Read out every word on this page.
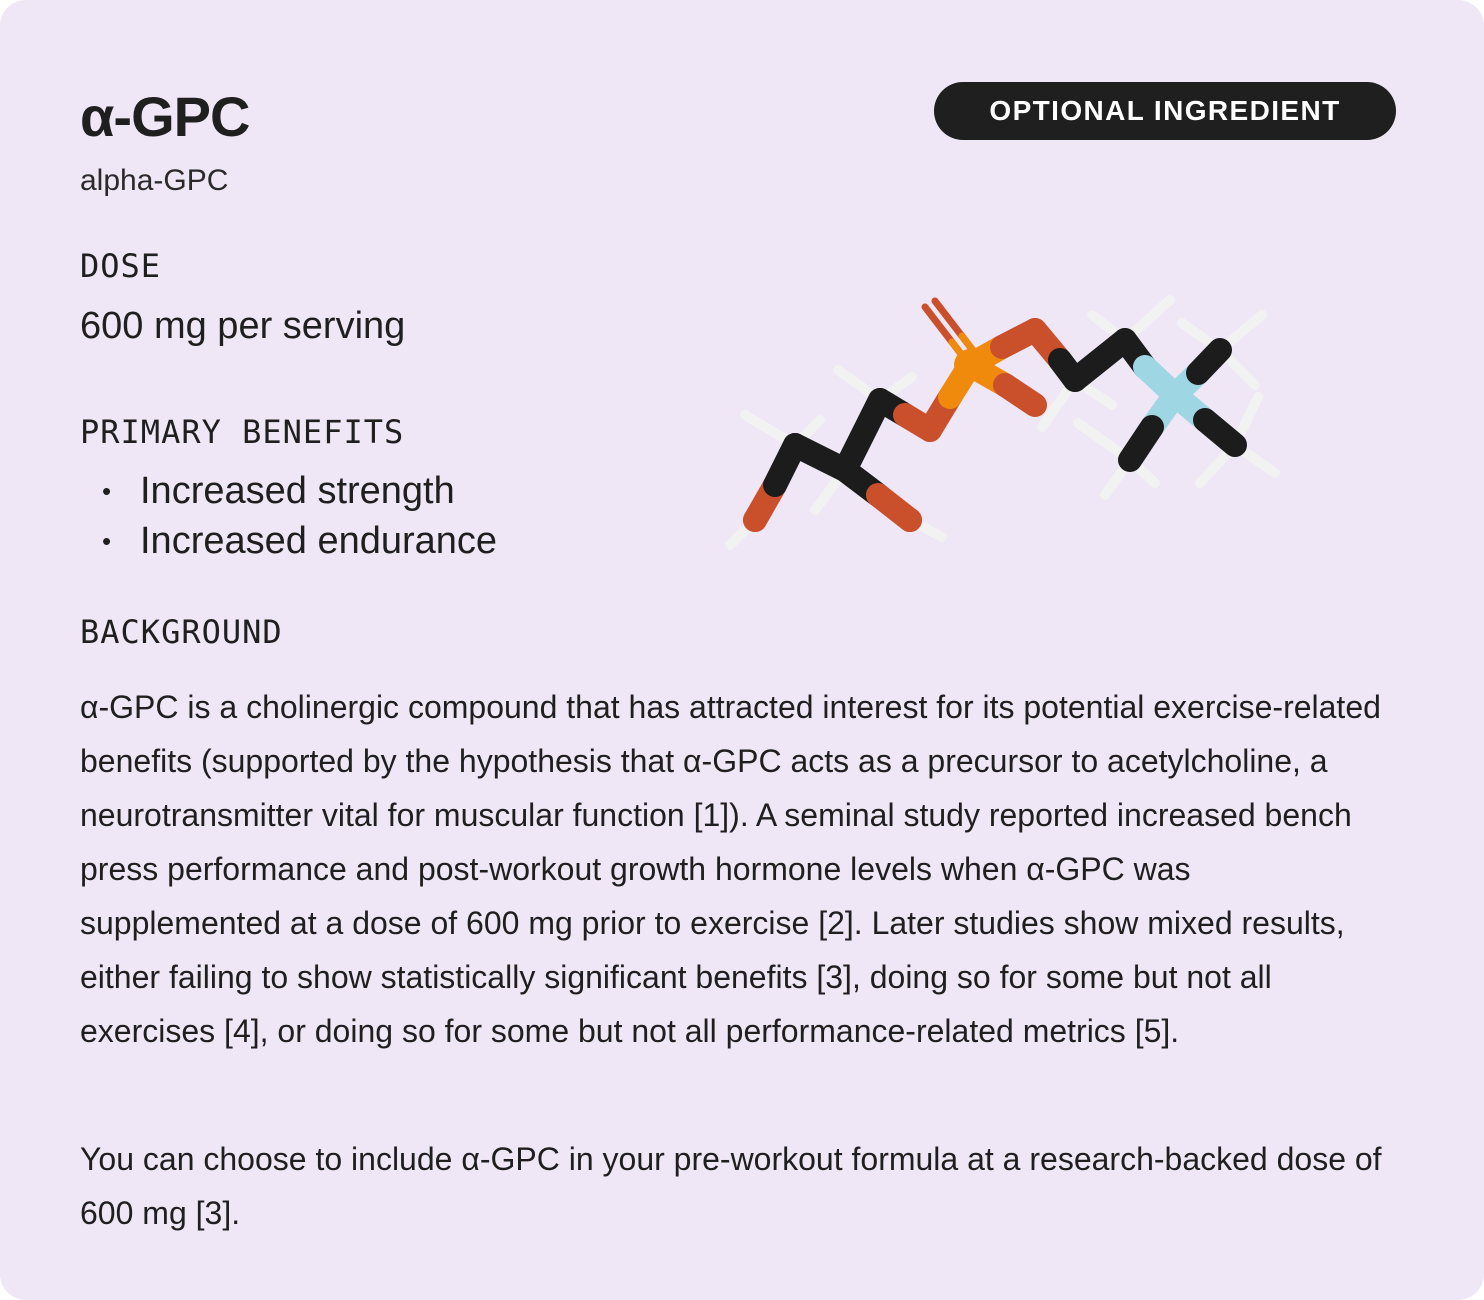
α-GPC
alpha-GPC
OPTIONAL INGREDIENT
DOSE
600 mg per serving
PRIMARY BENEFITS
• Increased strength
• Increased endurance
BACKGROUND

α-GPC is a cholinergic compound that has attracted interest for its potential exercise-related benefits (supported by the hypothesis that α-GPC acts as a precursor to acetylcholine, a neurotransmitter vital for muscular function [1]). A seminal study reported increased bench press performance and post-workout growth hormone levels when α-GPC was supplemented at a dose of 600 mg prior to exercise [2]. Later studies show mixed results, either failing to show statistically significant benefits [3], doing so for some but not all exercises [4], or doing so for some but not all performance-related metrics [5].

You can choose to include α-GPC in your pre-workout formula at a research-backed dose of 600 mg [3].
